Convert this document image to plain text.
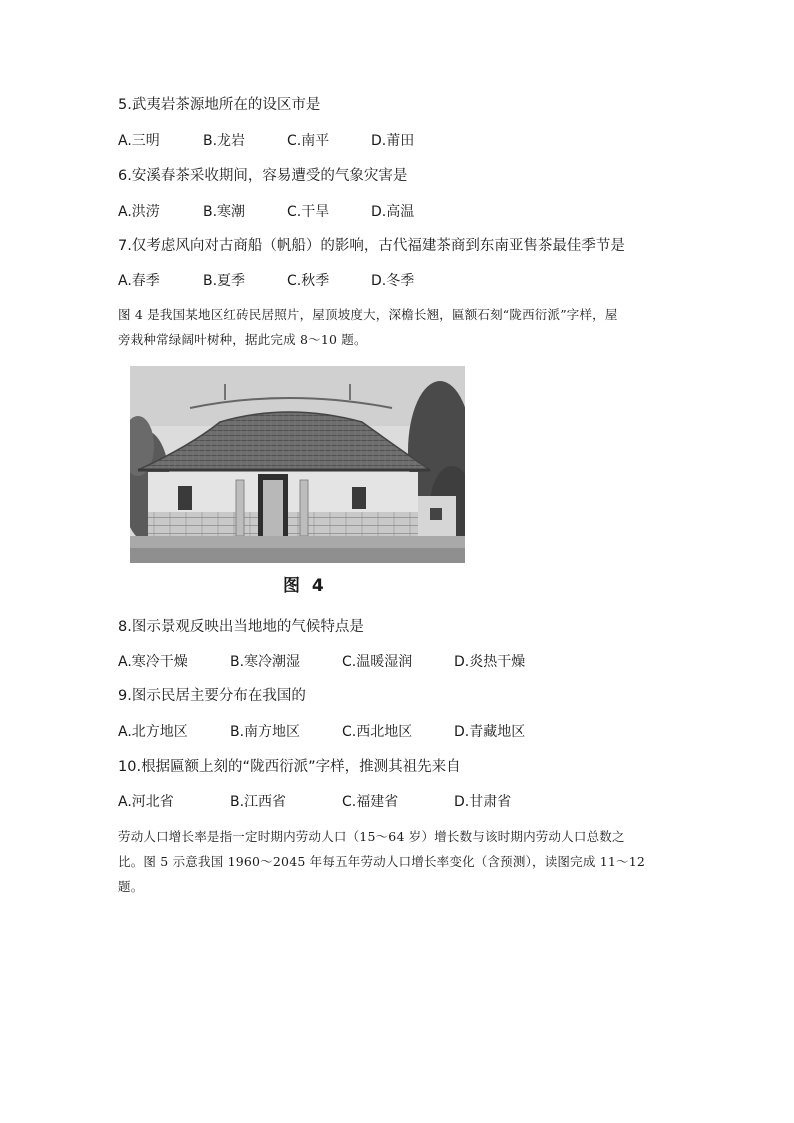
5.武夷岩茶源地所在的设区市是
A.三明	B.龙岩	C.南平	D.莆田
6.安溪春茶采收期间，容易遭受的气象灾害是
A.洪涝	B.寒潮	C.干旱	D.高温
7.仅考虑风向对古商船（帆船）的影响，古代福建茶商到东南亚售茶最佳季节是
A.春季	B.夏季	C.秋季	D.冬季
图 4 是我国某地区红砖民居照片，屋顶坡度大，深檐长翘，匾额石刻“陇西衍派”字样，屋
旁栽种常绿阔叶树种，据此完成 8～10 题。
图 4
8.图示景观反映出当地地的气候特点是
A.寒冷干燥	B.寒冷潮湿	C.温暖湿润	D.炎热干燥
9.图示民居主要分布在我国的
A.北方地区	B.南方地区	C.西北地区	D.青藏地区
10.根据匾额上刻的“陇西衍派”字样，推测其祖先来自
A.河北省	B.江西省	C.福建省	D.甘肃省
劳动人口增长率是指一定时期内劳动人口（15～64 岁）增长数与该时期内劳动人口总数之
比。图 5 示意我国 1960～2045 年每五年劳动人口增长率变化（含预测），读图完成 11～12
题。
